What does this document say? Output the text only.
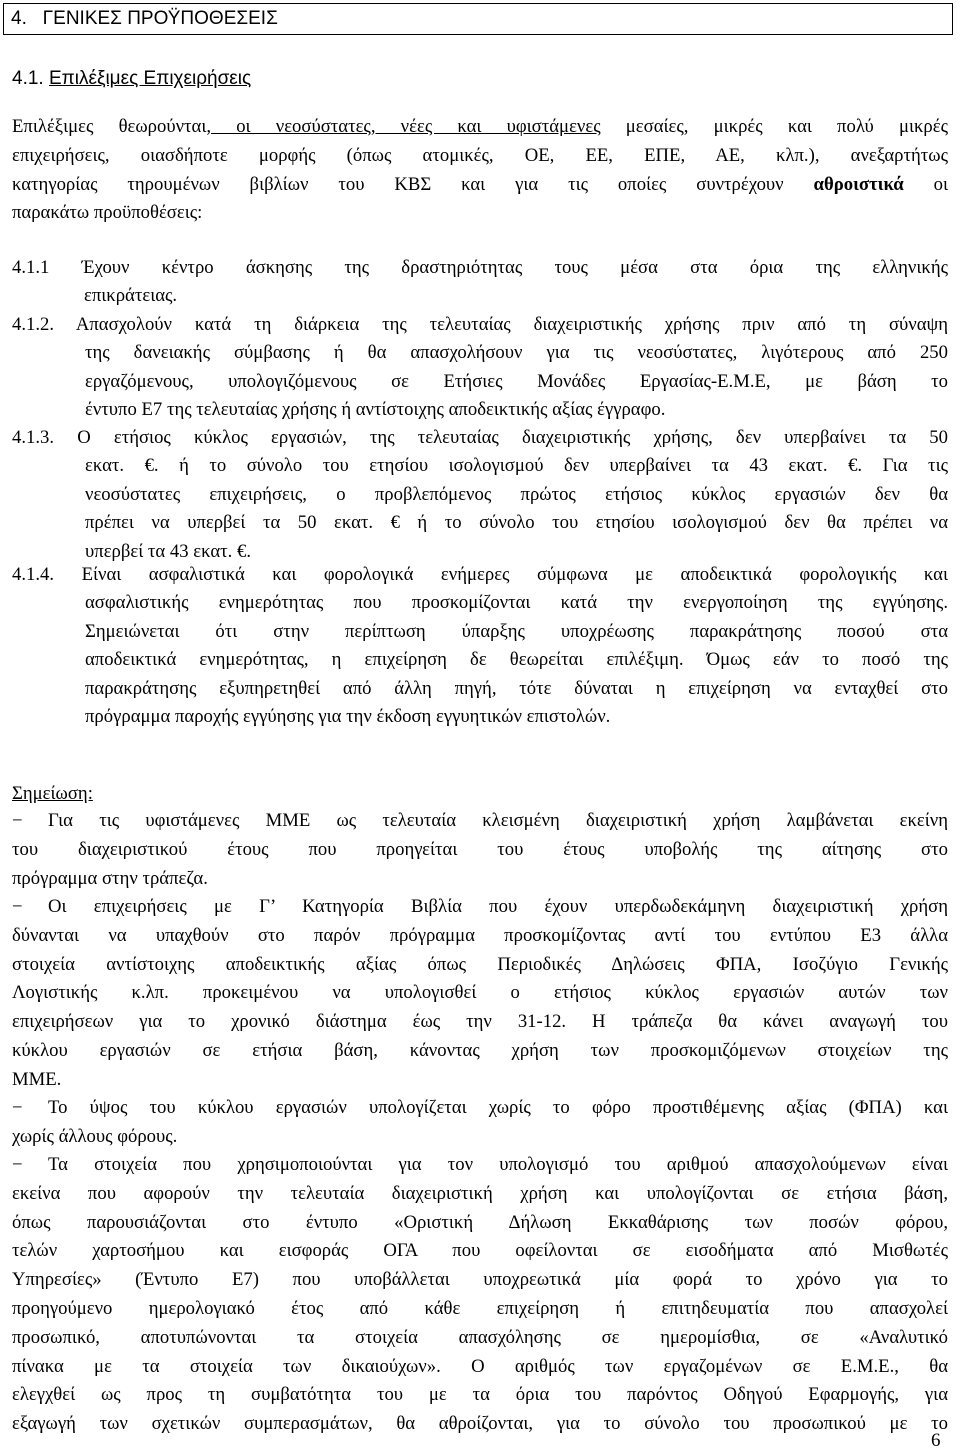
4.   ΓΕΝΙΚΕΣ ΠΡΟΫΠΟΘΕΣΕΙΣ
4.1. Επιλέξιμες Επιχειρήσεις
Επιλέξιμες θεωρούνται, οι νεοσύστατες, νέες και υφιστάμενες μεσαίες, μικρές και πολύ μικρές
επιχειρήσεις, οιασδήποτε μορφής (όπως ατομικές, ΟΕ, ΕΕ, ΕΠΕ, ΑΕ, κλπ.), ανεξαρτήτως
κατηγορίας τηρουμένων βιβλίων του ΚΒΣ και για τις οποίες συντρέχουν αθροιστικά οι
παρακάτω προϋποθέσεις:
4.1.1 Έχουν κέντρο άσκησης της δραστηριότητας τους μέσα στα όρια της ελληνικής
επικράτειας.
4.1.2. Απασχολούν κατά τη διάρκεια της τελευταίας διαχειριστικής χρήσης πριν από τη σύναψη
της δανειακής σύμβασης ή θα απασχολήσουν για τις νεοσύστατες, λιγότερους από 250
εργαζόμενους, υπολογιζόμενους σε Ετήσιες Μονάδες Εργασίας-Ε.Μ.Ε, με βάση το
έντυπο Ε7 της τελευταίας χρήσης ή αντίστοιχης αποδεικτικής αξίας έγγραφο.
4.1.3. Ο ετήσιος κύκλος εργασιών, της τελευταίας διαχειριστικής χρήσης, δεν υπερβαίνει τα 50
εκατ. €. ή το σύνολο του ετησίου ισολογισμού δεν υπερβαίνει τα 43 εκατ. €. Για τις
νεοσύστατες επιχειρήσεις, ο προβλεπόμενος πρώτος ετήσιος κύκλος εργασιών δεν θα
πρέπει να υπερβεί τα 50 εκατ. € ή το σύνολο του ετησίου ισολογισμού δεν θα πρέπει να
υπερβεί τα 43 εκατ. €.
4.1.4. Είναι ασφαλιστικά και φορολογικά ενήμερες σύμφωνα με αποδεικτικά φορολογικής και
ασφαλιστικής ενημερότητας που προσκομίζονται κατά την ενεργοποίηση της εγγύησης.
Σημειώνεται ότι στην περίπτωση ύπαρξης υποχρέωσης παρακράτησης ποσού στα
αποδεικτικά ενημερότητας, η επιχείρηση δε θεωρείται επιλέξιμη. Όμως εάν το ποσό της
παρακράτησης εξυπηρετηθεί από άλλη πηγή, τότε δύναται η επιχείρηση να ενταχθεί στο
πρόγραμμα παροχής εγγύησης για την έκδοση εγγυητικών επιστολών.
Σημείωση:
−	Για τις υφιστάμενες ΜΜΕ ως τελευταία κλεισμένη διαχειριστική χρήση λαμβάνεται εκείνη
του διαχειριστικού έτους που προηγείται του έτους υποβολής της αίτησης στο
πρόγραμμα στην τράπεζα.
−	Οι επιχειρήσεις με Γ’ Κατηγορία Βιβλία που έχουν υπερδωδεκάμηνη διαχειριστική χρήση
δύνανται να υπαχθούν στο παρόν πρόγραμμα προσκομίζοντας αντί του εντύπου Ε3 άλλα
στοιχεία αντίστοιχης αποδεικτικής αξίας όπως Περιοδικές Δηλώσεις ΦΠΑ, Ισοζύγιο Γενικής
Λογιστικής κ.λπ. προκειμένου να υπολογισθεί ο ετήσιος κύκλος εργασιών αυτών των
επιχειρήσεων για το χρονικό διάστημα έως την 31-12. Η τράπεζα θα κάνει αναγωγή του
κύκλου εργασιών σε ετήσια βάση, κάνοντας χρήση των προσκομιζόμενων στοιχείων της
ΜΜΕ.
−	Το ύψος του κύκλου εργασιών υπολογίζεται χωρίς το φόρο προστιθέμενης αξίας (ΦΠΑ) και
χωρίς άλλους φόρους.
−	Τα στοιχεία που χρησιμοποιούνται για τον υπολογισμό του αριθμού απασχολούμενων είναι
εκείνα που αφορούν την τελευταία διαχειριστική χρήση και υπολογίζονται σε ετήσια βάση,
όπως παρουσιάζονται στο έντυπο «Οριστική Δήλωση Εκκαθάρισης των ποσών φόρου,
τελών χαρτοσήμου και εισφοράς ΟΓΑ που οφείλονται σε εισοδήματα από Μισθωτές
Υπηρεσίες» (Έντυπο Ε7) που υποβάλλεται υποχρεωτικά μία φορά το χρόνο για το
προηγούμενο ημερολογιακό έτος από κάθε επιχείρηση ή επιτηδευματία που απασχολεί
προσωπικό, αποτυπώνονται τα στοιχεία απασχόλησης σε ημερομίσθια, σε «Αναλυτικό
πίνακα με τα στοιχεία των δικαιούχων». Ο αριθμός των εργαζομένων σε Ε.Μ.Ε., θα
ελεγχθεί ως προς τη συμβατότητα του με τα όρια του παρόντος Οδηγού Εφαρμογής, για
εξαγωγή των σχετικών συμπερασμάτων, θα αθροίζονται, για το σύνολο του προσωπικού με το
6
